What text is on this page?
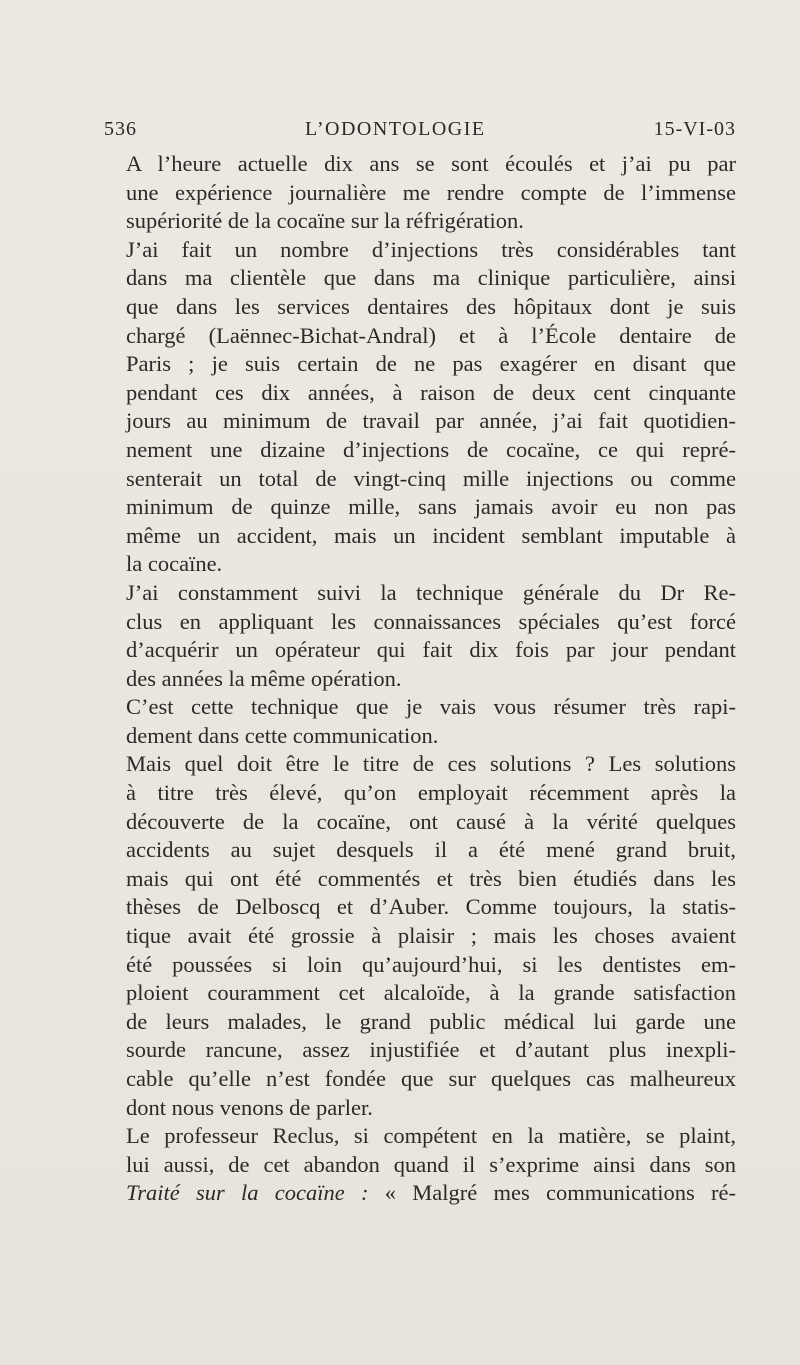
536	L’ODONTOLOGIE	15-VI-03

A l’heure actuelle dix ans se sont écoulés et j’ai pu par
une expérience journalière me rendre compte de l’immense
supériorité de la cocaïne sur la réfrigération.

J’ai fait un nombre d’injections très considérables tant
dans ma clientèle que dans ma clinique particulière, ainsi
que dans les services dentaires des hôpitaux dont je suis
chargé (Laënnec-Bichat-Andral) et à l’École dentaire de
Paris ; je suis certain de ne pas exagérer en disant que
pendant ces dix années, à raison de deux cent cinquante
jours au minimum de travail par année, j’ai fait quotidien-
nement une dizaine d’injections de cocaïne, ce qui repré-
senterait un total de vingt-cinq mille injections ou comme
minimum de quinze mille, sans jamais avoir eu non pas
même un accident, mais un incident semblant imputable à
la cocaïne.

J’ai constamment suivi la technique générale du Dr Re-
clus en appliquant les connaissances spéciales qu’est forcé
d’acquérir un opérateur qui fait dix fois par jour pendant
des années la même opération.

C’est cette technique que je vais vous résumer très rapi-
dement dans cette communication.

Mais quel doit être le titre de ces solutions ? Les solutions
à titre très élevé, qu’on employait récemment après la
découverte de la cocaïne, ont causé à la vérité quelques
accidents au sujet desquels il a été mené grand bruit,
mais qui ont été commentés et très bien étudiés dans les
thèses de Delboscq et d’Auber. Comme toujours, la statis-
tique avait été grossie à plaisir ; mais les choses avaient
été poussées si loin qu’aujourd’hui, si les dentistes em-
ploient couramment cet alcaloïde, à la grande satisfaction
de leurs malades, le grand public médical lui garde une
sourde rancune, assez injustifiée et d’autant plus inexpli-
cable qu’elle n’est fondée que sur quelques cas malheureux
dont nous venons de parler.

Le professeur Reclus, si compétent en la matière, se plaint,
lui aussi, de cet abandon quand il s’exprime ainsi dans son
Traité sur la cocaïne : « Malgré mes communications ré-
